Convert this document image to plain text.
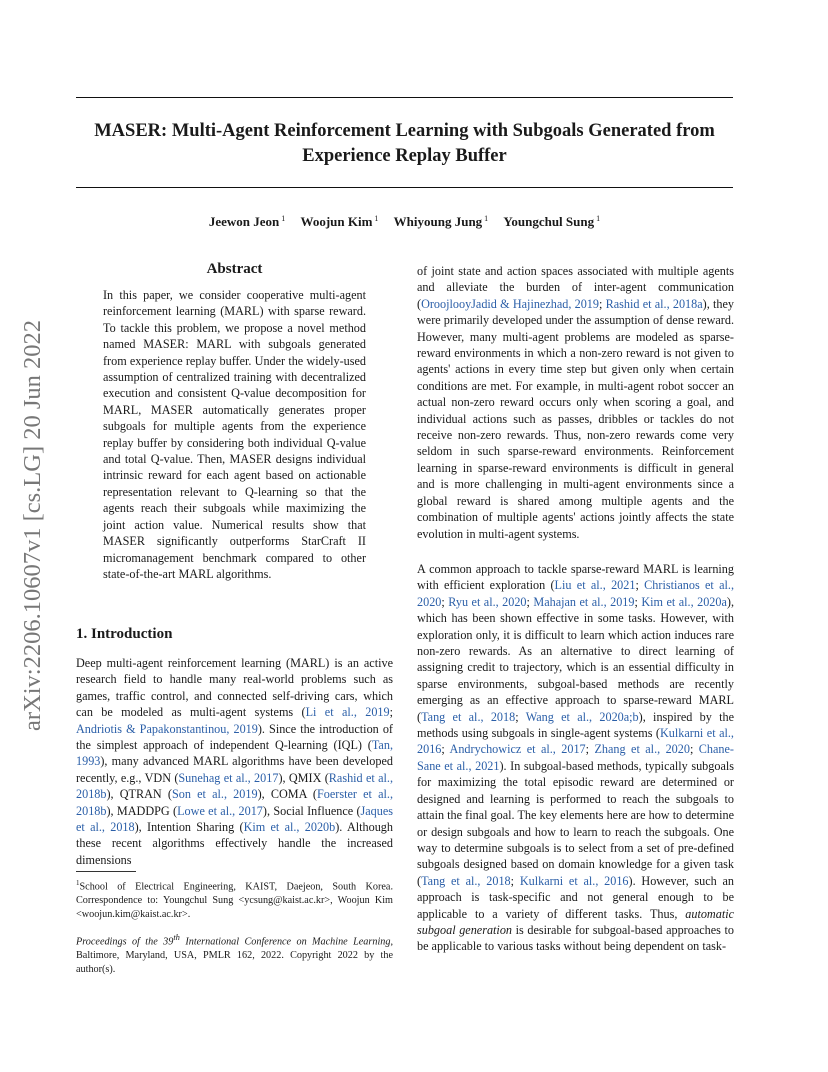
MASER: Multi-Agent Reinforcement Learning with Subgoals Generated from Experience Replay Buffer
Jeewon Jeon $^1$ Woojun Kim $^1$ Whiyoung Jung $^1$ Youngchul Sung $^1$
arXiv:2206.10607v1 [cs.LG] 20 Jun 2022
Abstract

In this paper, we consider cooperative multi-agent reinforcement learning (MARL) with sparse reward. To tackle this problem, we propose a novel method named MASER: MARL with subgoals generated from experience replay buffer. Under the widely-used assumption of centralized training with decentralized execution and consistent Q-value decomposition for MARL, MASER automatically generates proper subgoals for multiple agents from the experience replay buffer by considering both individual Q-value and total Q-value. Then, MASER designs individual intrinsic reward for each agent based on actionable representation relevant to Q-learning so that the agents reach their subgoals while maximizing the joint action value. Numerical results show that MASER significantly outperforms StarCraft II micromanagement benchmark compared to other state-of-the-art MARL algorithms.

1. Introduction

Deep multi-agent reinforcement learning (MARL) is an active research field to handle many real-world problems such as games, traffic control, and connected self-driving cars, which can be modeled as multi-agent systems (Li et al., 2019; Andriotis & Papakonstantinou, 2019). Since the introduction of the simplest approach of independent Q-learning (IQL) (Tan, 1993), many advanced MARL algorithms have been developed recently, e.g., VDN (Sunehag et al., 2017), QMIX (Rashid et al., 2018b), QTRAN (Son et al., 2019), COMA (Foerster et al., 2018b), MADDPG (Lowe et al., 2017), Social Influence (Jaques et al., 2018), Intention Sharing (Kim et al., 2020b). Although these recent algorithms effectively handle the increased dimensions

$^1$School of Electrical Engineering, KAIST, Daejeon, South Korea. Correspondence to: Youngchul Sung <ycsung@kaist.ac.kr>, Woojun Kim <woojun.kim@kaist.ac.kr>.

Proceedings of the 39th International Conference on Machine Learning, Baltimore, Maryland, USA, PMLR 162, 2022. Copyright 2022 by the author(s).

of joint state and action spaces associated with multiple agents and alleviate the burden of inter-agent communication (OroojlooyJadid & Hajinezhad, 2019; Rashid et al., 2018a), they were primarily developed under the assumption of dense reward. However, many multi-agent problems are modeled as sparse-reward environments in which a non-zero reward is not given to agents' actions in every time step but given only when certain conditions are met. For example, in multi-agent robot soccer an actual non-zero reward occurs only when scoring a goal, and individual actions such as passes, dribbles or tackles do not receive non-zero rewards. Thus, non-zero rewards come very seldom in such sparse-reward environments. Reinforcement learning in sparse-reward environments is difficult in general and is more challenging in multi-agent environments since a global reward is shared among multiple agents and the combination of multiple agents' actions jointly affects the state evolution in multi-agent systems.

A common approach to tackle sparse-reward MARL is learning with efficient exploration (Liu et al., 2021; Christianos et al., 2020; Ryu et al., 2020; Mahajan et al., 2019; Kim et al., 2020a), which has been shown effective in some tasks. However, with exploration only, it is difficult to learn which action induces rare non-zero rewards. As an alternative to direct learning of assigning credit to trajectory, which is an essential difficulty in sparse environments, subgoal-based methods are recently emerging as an effective approach to sparse-reward MARL (Tang et al., 2018; Wang et al., 2020a;b), inspired by the methods using subgoals in single-agent systems (Kulkarni et al., 2016; Andrychowicz et al., 2017; Zhang et al., 2020; Chane-Sane et al., 2021). In subgoal-based methods, typically subgoals for maximizing the total episodic reward are determined or designed and learning is performed to reach the subgoals to attain the final goal. The key elements here are how to determine or design subgoals and how to learn to reach the subgoals. One way to determine subgoals is to select from a set of pre-defined subgoals designed based on domain knowledge for a given task (Tang et al., 2018; Kulkarni et al., 2016). However, such an approach is task-specific and not general enough to be applicable to a variety of different tasks. Thus, automatic subgoal generation is desirable for subgoal-based approaches to be applicable to various tasks without being dependent on task-
